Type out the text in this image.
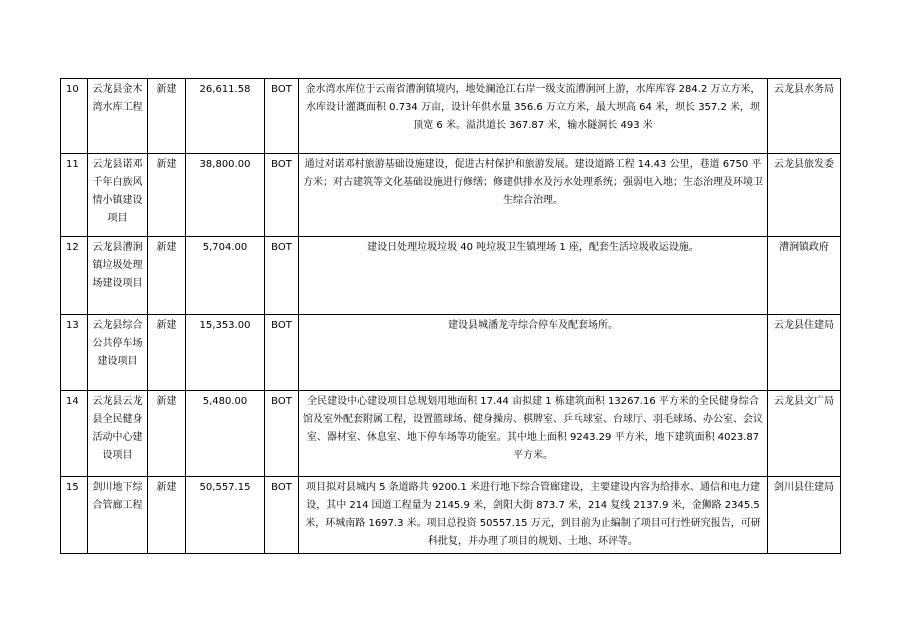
10	云龙县金木湾水库工程	新建	26,611.58	BOT	金水湾水库位于云南省漕涧镇境内，地处澜沧江右岸一级支流漕涧河上游，水库库容 284.2 万立方米，水库设计灌溉面积 0.734 万亩，设计年供水量 356.6 万立方米，最大坝高 64 米，坝长 357.2 米，坝顶宽 6 米。溢洪道长 367.87 米，输水隧洞长 493 米	云龙县水务局
11	云龙县诺邓千年白族风情小镇建设项目	新建	38,800.00	BOT	通过对诺邓村旅游基础设施建设，促进古村保护和旅游发展。建设道路工程 14.43 公里，巷道 6750 平方米；对古建筑等文化基础设施进行修缮；修建供排水及污水处理系统；强弱电入地；生态治理及环境卫生综合治理。	云龙县旅发委
12	云龙县漕涧镇垃圾处理场建设项目	新建	5,704.00	BOT	建设日处理垃圾垃圾 40 吨垃圾卫生镇埋场 1 座，配套生活垃圾收运设施。	漕涧镇政府
13	云龙县综合公共停车场建设项目	新建	15,353.00	BOT	建设县城潘龙寺综合停车及配套场所。	云龙县住建局
14	云龙县云龙县全民健身活动中心建设项目	新建	5,480.00	BOT	全民建设中心建设项目总规划用地面积 17.44 亩拟建 1 栋建筑面积 13267.16 平方米的全民健身综合馆及室外配套附属工程，设置篮球场、健身操房、棋牌室、乒乓球室、台球厅、羽毛球场、办公室、会议室、器材室、休息室、地下停车场等功能室。其中地上面积 9243.29 平方米，地下建筑面积 4023.87 平方米。	云龙县文广局
15	剑川地下综合管廊工程	新建	50,557.15	BOT	项目拟对县城内 5 条道路共 9200.1 米进行地下综合管廊建设，主要建设内容为给排水、通信和电力建设，其中 214 国道工程量为 2145.9 米，剑阳大街 873.7 米，214 复线 2137.9 米，金狮路 2345.5 米，环城南路 1697.3 米。项目总投资 50557.15 万元，到目前为止编制了项目可行性研究报告，可研科批复，并办理了项目的规划、土地、环评等。	剑川县住建局
